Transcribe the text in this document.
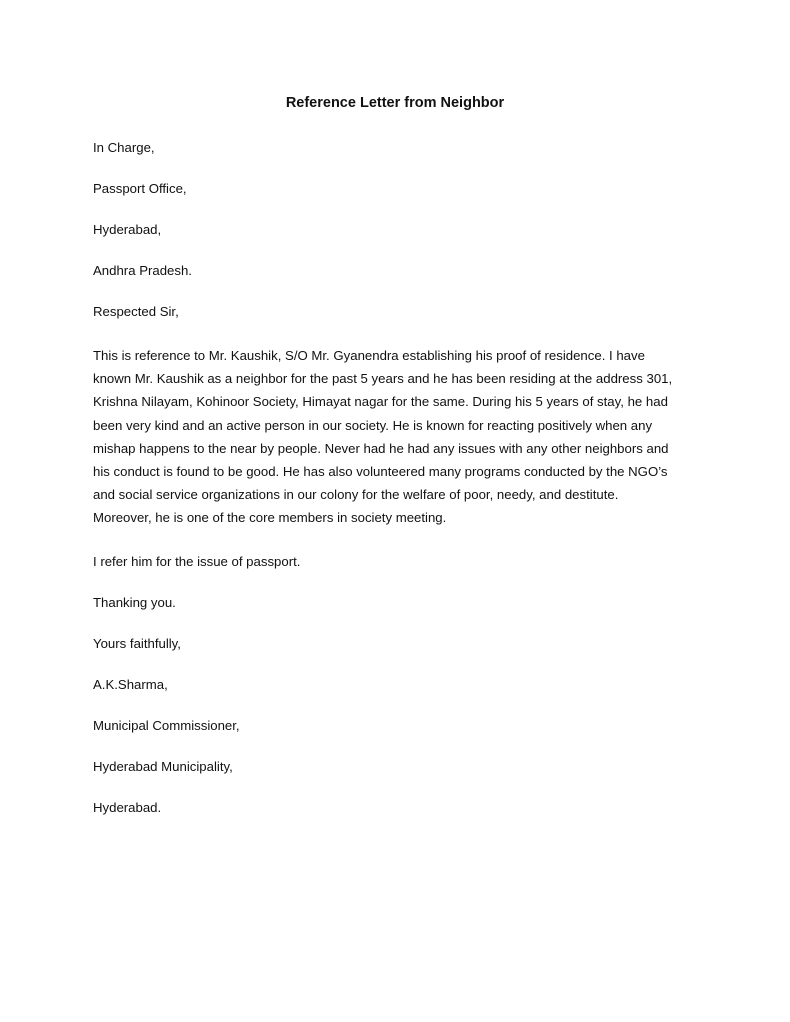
Reference Letter from Neighbor
In Charge,
Passport Office,
Hyderabad,
Andhra Pradesh.
Respected Sir,
This is reference to Mr. Kaushik, S/O Mr. Gyanendra establishing his proof of residence. I have
known Mr. Kaushik as a neighbor for the past 5 years and he has been residing at the address 301,
Krishna Nilayam, Kohinoor Society, Himayat nagar for the same. During his 5 years of stay, he had
been very kind and an active person in our society. He is known for reacting positively when any
mishap happens to the near by people. Never had he had any issues with any other neighbors and
his conduct is found to be good. He has also volunteered many programs conducted by the NGO’s
and social service organizations in our colony for the welfare of poor, needy, and destitute.
Moreover, he is one of the core members in society meeting.
I refer him for the issue of passport.
Thanking you.
Yours faithfully,
A.K.Sharma,
Municipal Commissioner,
Hyderabad Municipality,
Hyderabad.
